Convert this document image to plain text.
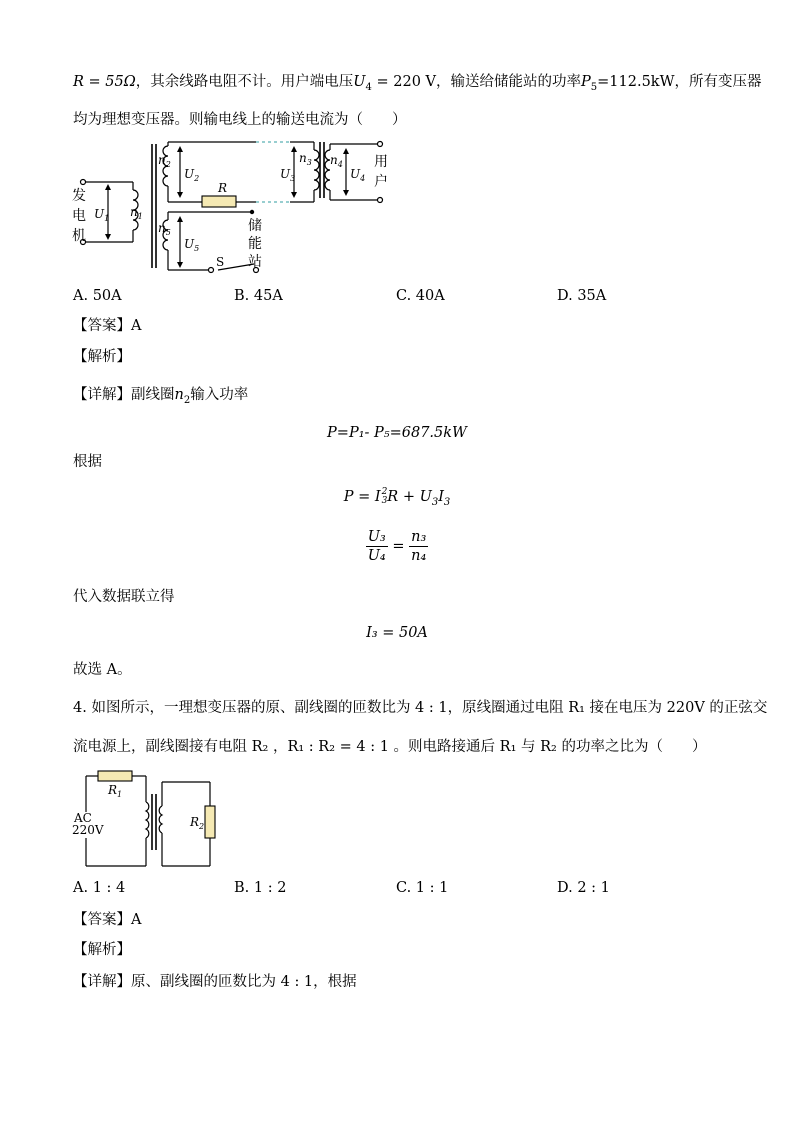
R = 55Ω，其余线路电阻不计。用户端电压$U_4 = 220$ V，输送给储能站的功率$P_5=112.5kW$，所有变压器
均为理想变压器。则输电线上的输送电流为（　　）
发
电
机
用
户
储
能
站
R
S
$n_1$
$n_2$	$n_3$ $n_4$
$n_5$
$U_1$
$U_2$	$U_3$	$U_4$
$U_5$
A. 50A	B. 45A	C. 40A	D. 35A
【答案】A
【解析】
【详解】副线圈$n_2$输入功率
P=P₁- P₅=687.5kW
根据
P = I 2
3 $R + U_3I_3$
$\frac{\text{U₃}}{\text{U₄}} = \frac{\text{n₃}}{\text{n₄}}$
代入数据联立得
I₃ = 50A
故选 A。
4. 如图所示，一理想变压器的原、副线圈的匝数比为 4 : 1，原线圈通过电阻 R₁ 接在电压为 220V 的正弦交
流电源上，副线圈接有电阻 R₂ ，R₁ : R₂ = 4 : 1 。则电路接通后 R₁ 与 R₂ 的功率之比为（　　）
$R_1$
$R_2$
AC
220V
A. 1 : 4	B. 1 : 2	C. 1 : 1	D. 2 : 1
【答案】A
【解析】
【详解】原、副线圈的匝数比为 4 : 1，根据
